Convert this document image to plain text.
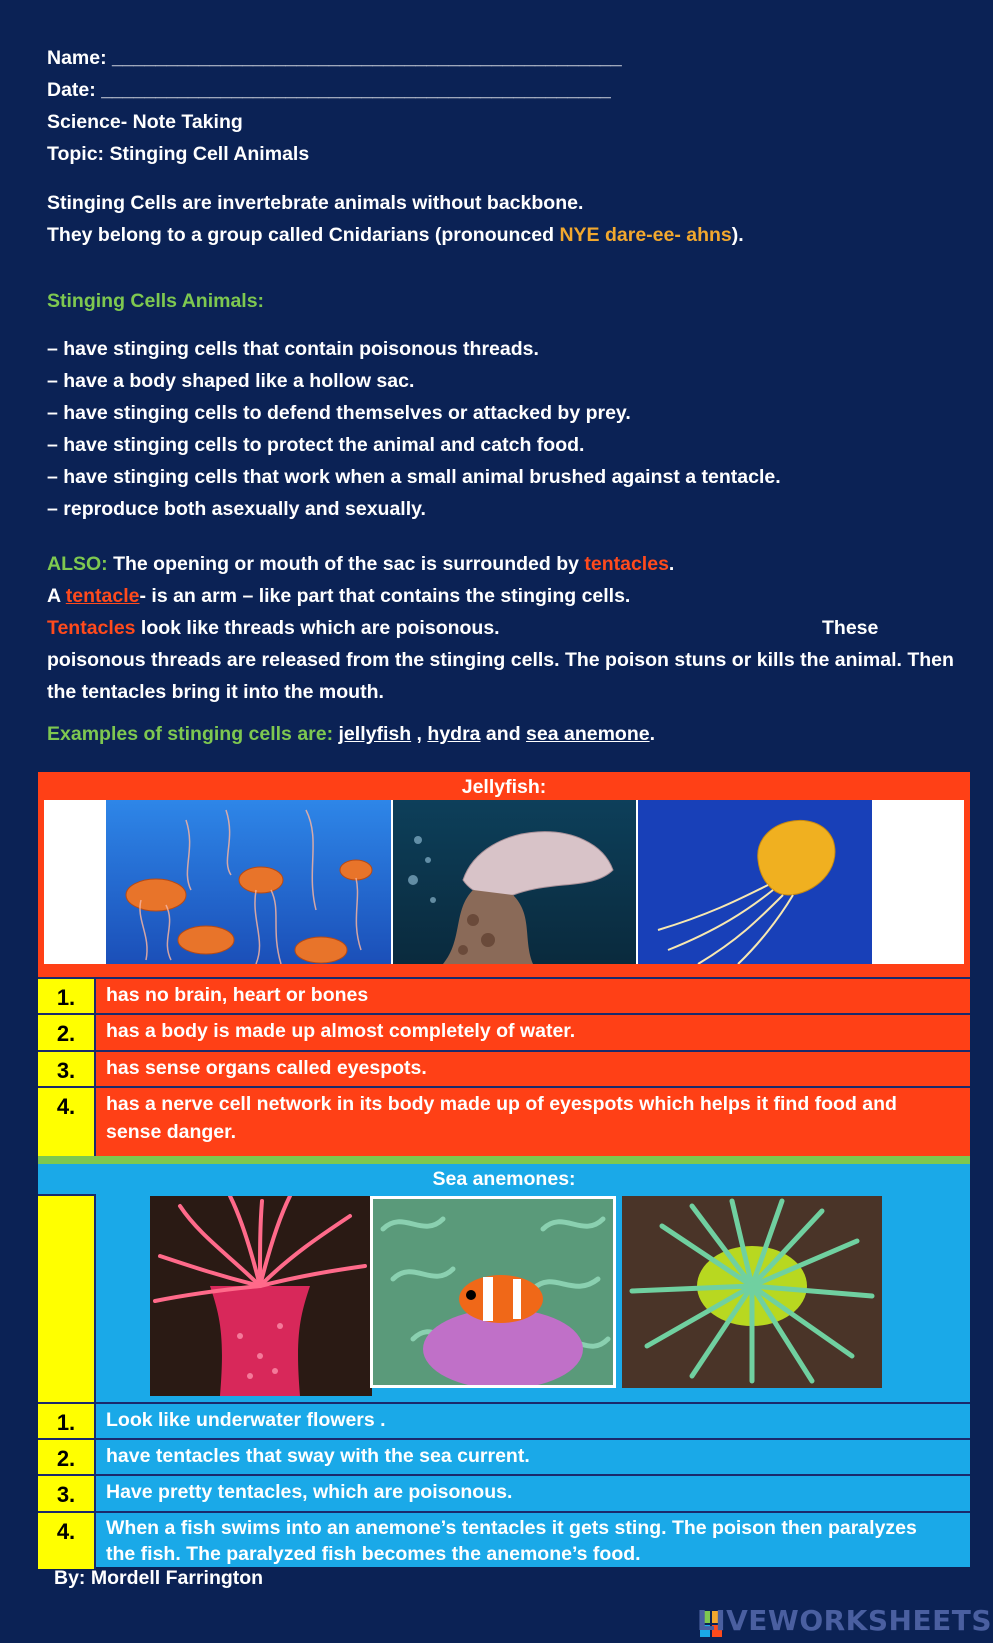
Name: _______________________________________________
Date: _______________________________________________
Science- Note Taking
Topic: Stinging Cell Animals
Stinging Cells are invertebrate animals without backbone.
They belong to a group called Cnidarians (pronounced NYE dare-ee- ahns).
Stinging Cells Animals:
– have stinging cells that contain poisonous threads.
– have a body shaped like a hollow sac.
– have stinging cells to defend themselves or attacked by prey.
– have stinging cells to protect the animal and catch food.
– have stinging cells that work when a small animal brushed against a tentacle.
– reproduce both asexually and sexually.
ALSO: The opening or mouth of the sac is surrounded by tentacles.
A tentacle- is an arm – like part that contains the stinging cells.
Tentacles look like threads which are poisonous.	These
poisonous threads are released from the stinging cells. The poison stuns or kills the animal. Then
the tentacles bring it into the mouth.
Examples of stinging cells are: jellyfish , hydra and sea anemone.
Jellyfish:
1.	has no brain, heart or bones
2.	has a body is made up almost completely of water.
3.	has sense organs called eyespots.
4.	has a nerve cell network in its body made up of eyespots which helps it find food and sense danger.
Sea anemones:
1.	Look like underwater flowers .
2.	have tentacles that sway with the sea current.
3.	Have pretty tentacles, which are poisonous.
4.	When a fish swims into an anemone’s tentacles it gets sting. The poison then paralyzes the fish. The paralyzed fish becomes the anemone’s food.
By: Mordell Farrington
LIVEWORKSHEETS
